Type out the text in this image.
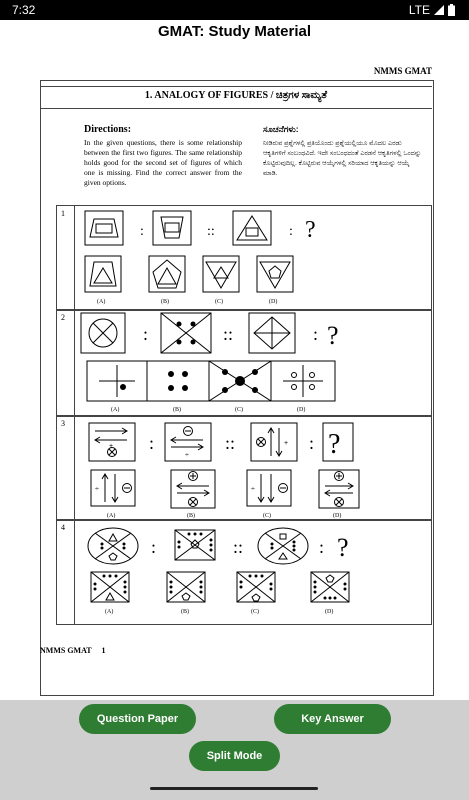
7:32	LTE
GMAT: Study Material
NMMS GMAT
1. ANALOGY OF FIGURES / ಚಿತ್ರಗಳ ಸಾಮ್ಯತೆ
Directions:
In the given questions, there is some relationship between the first two figures. The same relationship holds good for the second set of figures of which one is missing. Find the correct answer from the given options.
ಸೂಚನೆಗಳು:
ನೀಡಿರುವ ಪ್ರಶ್ನೆಗಳಲ್ಲಿ ಪ್ರತಿಯೊಂದು ಪ್ರಶ್ನೆಯಲ್ಲಿಯೂ ಮೊದಲ ಎರಡು ಆಕೃತಿಗಳಿಗೆ ಸಂಬಂಧವಿದೆ. ಇದೇ ಸಂಬಂಧದಂತೆ ಎರಡನೆ ಆಕೃತಿಗಳಲ್ಲಿ ಒಂದನ್ನು ಕೊಟ್ಟಿರುವುದಿಲ್ಲ. ಕೊಟ್ಟಿರುವ ಆಯ್ಕೆಗಳಲ್ಲಿ ಸರಿಯಾದ ಆಕೃತಿಯನ್ನು ಆಯ್ಕೆ ಮಾಡಿ.
1
:	::	: ?
(A)	(B)	(C)	(D)
2
:	::	: ?
(A)	(B)	(C)	(D)
3
+
÷
+
÷	÷
:	::	: ?
(A)	(B)	(C)	(D)
4
:	::	: ?
(A)	(B)	(C)	(D)
NMMS GMAT     1
Question Paper	Key Answer
Split Mode
